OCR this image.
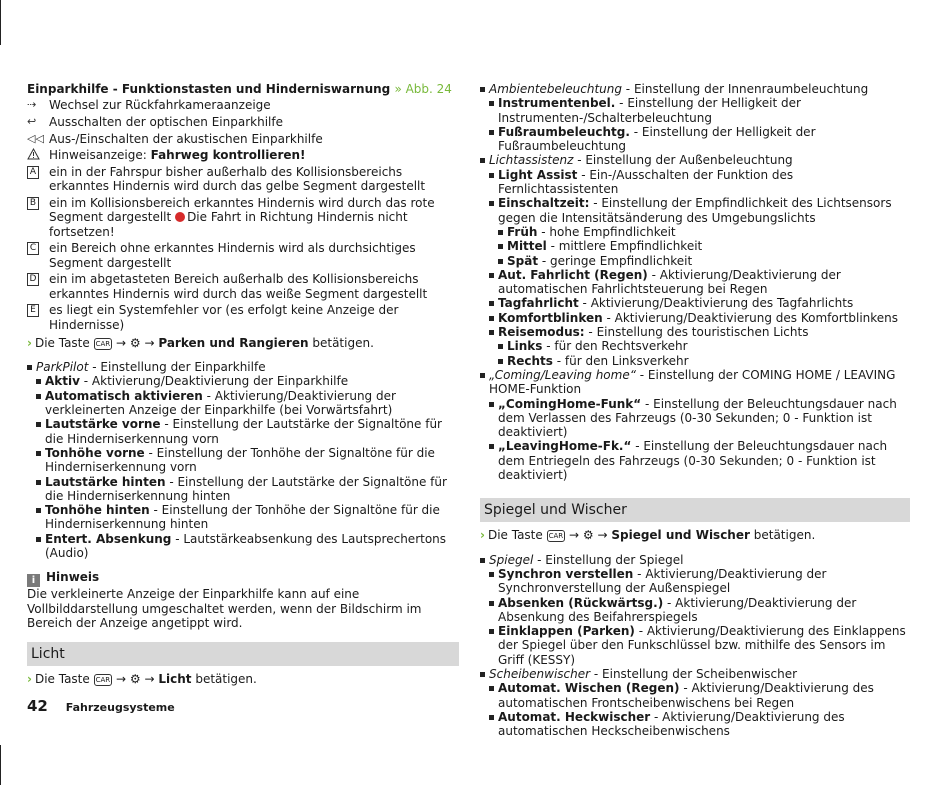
Einparkhilfe - Funktionstasten und Hinderniswarnung » Abb. 24
⇢	Wechsel zur Rückfahrkameraanzeige
↩	Ausschalten der optischen Einparkhilfe
◁◁ Aus-/Einschalten der akustischen Einparkhilfe
Hinweisanzeige: Fahrweg kontrollieren!
A ein in der Fahrspur bisher außerhalb des Kollisionsbereichs erkanntes Hindernis wird durch das gelbe Segment dargestellt
B ein im Kollisionsbereich erkanntes Hindernis wird durch das rote Segment dargestellt Die Fahrt in Richtung Hindernis nicht fortsetzen!
C ein Bereich ohne erkanntes Hindernis wird als durchsichtiges Segment dargestellt
D ein im abgetasteten Bereich außerhalb des Kollisionsbereichs erkanntes Hindernis wird durch das weiße Segment dargestellt
E es liegt ein Systemfehler vor (es erfolgt keine Anzeige der Hindernisse)
› Die Taste CAR → ⚙ → Parken und Rangieren betätigen.
ParkPilot - Einstellung der Einparkhilfe
Aktiv - Aktivierung/Deaktivierung der Einparkhilfe
Automatisch aktivieren - Aktivierung/Deaktivierung der verkleinerten Anzeige der Einparkhilfe (bei Vorwärtsfahrt)
Lautstärke vorne - Einstellung der Lautstärke der Signaltöne für die Hinderniserkennung vorn
Tonhöhe vorne - Einstellung der Tonhöhe der Signaltöne für die Hinderniserkennung vorn
Lautstärke hinten - Einstellung der Lautstärke der Signaltöne für die Hinderniserkennung hinten
Tonhöhe hinten - Einstellung der Tonhöhe der Signaltöne für die Hinderniserkennung hinten
Entert. Absenkung - Lautstärkeabsenkung des Lautsprechertons (Audio)
i Hinweis
Die verkleinerte Anzeige der Einparkhilfe kann auf eine Vollbilddarstellung umgeschaltet werden, wenn der Bildschirm im Bereich der Anzeige angetippt wird.
Licht
› Die Taste CAR → ⚙ → Licht betätigen.
Ambientebeleuchtung - Einstellung der Innenraumbeleuchtung
Instrumentenbel. - Einstellung der Helligkeit der Instrumenten-/Schalterbeleuchtung
Fußraumbeleuchtg. - Einstellung der Helligkeit der Fußraumbeleuchtung
Lichtassistenz - Einstellung der Außenbeleuchtung
Light Assist - Ein-/Ausschalten der Funktion des Fernlichtassistenten
Einschaltzeit: - Einstellung der Empfindlichkeit des Lichtsensors gegen die Intensitätsänderung des Umgebungslichts
Früh - hohe Empfindlichkeit
Mittel - mittlere Empfindlichkeit
Spät - geringe Empfindlichkeit
Aut. Fahrlicht (Regen) - Aktivierung/Deaktivierung der automatischen Fahrlichtsteuerung bei Regen
Tagfahrlicht - Aktivierung/Deaktivierung des Tagfahrlichts
Komfortblinken - Aktivierung/Deaktivierung des Komfortblinkens
Reisemodus: - Einstellung des touristischen Lichts
Links - für den Rechtsverkehr
Rechts - für den Linksverkehr
„Coming/Leaving home“ - Einstellung der COMING HOME / LEAVING HOME-Funktion
„ComingHome-Funk“ - Einstellung der Beleuchtungsdauer nach dem Verlassen des Fahrzeugs (0-30 Sekunden; 0 - Funktion ist deaktiviert)
„LeavingHome-Fk.“ - Einstellung der Beleuchtungsdauer nach dem Entriegeln des Fahrzeugs (0-30 Sekunden; 0 - Funktion ist deaktiviert)
Spiegel und Wischer
› Die Taste CAR → ⚙ → Spiegel und Wischer betätigen.
Spiegel - Einstellung der Spiegel
Synchron verstellen - Aktivierung/Deaktivierung der Synchronverstellung der Außenspiegel
Absenken (Rückwärtsg.) - Aktivierung/Deaktivierung der Absenkung des Beifahrerspiegels
Einklappen (Parken) - Aktivierung/Deaktivierung des Einklappens der Spiegel über den Funkschlüssel bzw. mithilfe des Sensors im Griff (KESSY)
Scheibenwischer - Einstellung der Scheibenwischer
Automat. Wischen (Regen) - Aktivierung/Deaktivierung des automatischen Frontscheibenwischens bei Regen
Automat. Heckwischer - Aktivierung/Deaktivierung des automatischen Heckscheibenwischens
42 Fahrzeugsysteme
